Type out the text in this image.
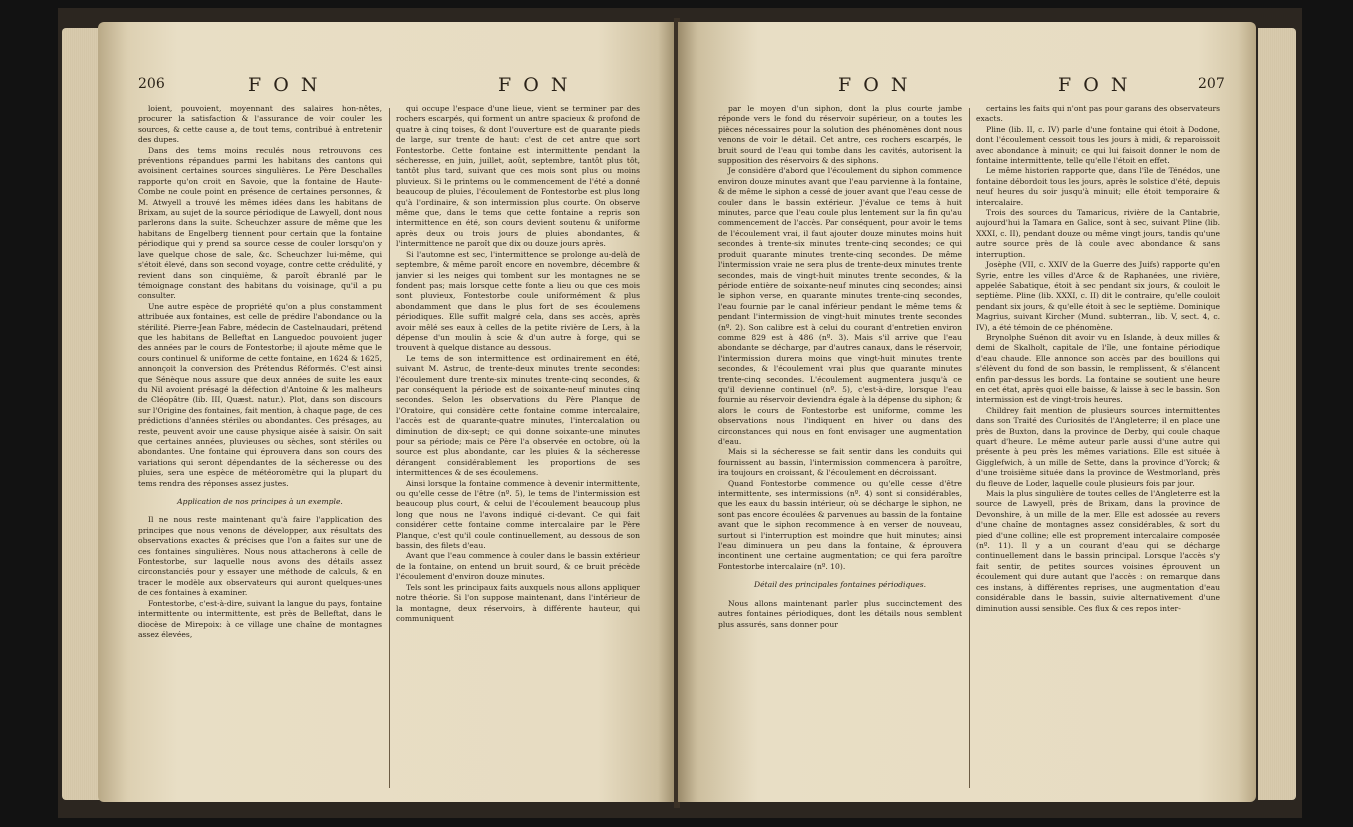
206	F O N	F O N

loient, pouvoient, moyennant des salaires hon-nêtes, procurer la satisfaction & l'assurance de voir couler les sources, & cette cause a, de tout tems, contribué à entretenir des dupes.

Dans des tems moins reculés nous retrouvons ces préventions répandues parmi les habitans des cantons qui avoisinent certaines sources singulières. Le Père Deschalles rapporte qu'on croit en Savoie, que la fontaine de Haute-Combe ne coule point en présence de certaines personnes, & M. Atwyell a trouvé les mêmes idées dans les habitans de Brixam, au sujet de la source périodique de Lawyell, dont nous parlerons dans la suite. Scheuchzer assure de même que les habitans de Engelberg tiennent pour certain que la fontaine périodique qui y prend sa source cesse de couler lorsqu'on y lave quelque chose de sale, &c. Scheuchzer lui-même, qui s'étoit élevé, dans son second voyage, contre cette crédulité, y revient dans son cinquième, & paroît ébranlé par le témoignage constant des habitans du voisinage, qu'il a pu consulter.

Une autre espèce de propriété qu'on a plus constamment attribuée aux fontaines, est celle de prédire l'abondance ou la stérilité. Pierre-Jean Fabre, médecin de Castelnaudari, prétend que les habitans de Belleftat en Languedoc pouvoient juger des années par le cours de Fontestorbe; il ajoute même que le cours continuel & uniforme de cette fontaine, en 1624 & 1625, annonçoit la conversion des Prétendus Réformés. C'est ainsi que Sénèque nous assure que deux années de suite les eaux du Nil avoient présagé la défection d'Antoine & les malheurs de Cléopâtre (lib. III, Quæst. natur.). Plot, dans son discours sur l'Origine des fontaines, fait mention, à chaque page, de ces prédictions d'années stériles ou abondantes. Ces présages, au reste, peuvent avoir une cause physique aisée à saisir. On sait que certaines années, pluvieuses ou sèches, sont stériles ou abondantes. Une fontaine qui éprouvera dans son cours des variations qui seront dépendantes de la sécheresse ou des pluies, sera une espèce de météoromètre qui la plupart du tems rendra des réponses assez justes.

Application de nos principes à un exemple.

Il ne nous reste maintenant qu'à faire l'application des principes que nous venons de développer, aux résultats des observations exactes & précises que l'on a faites sur une de ces fontaines singulières. Nous nous attacherons à celle de Fontestorbe, sur laquelle nous avons des détails assez circonstanciés pour y essayer une méthode de calculs, & en tracer le modèle aux observateurs qui auront quelques-unes de ces fontaines à examiner.

Fontestorbe, c'est-à-dire, suivant la langue du pays, fontaine intermittente ou intermittente, est près de Belleftat, dans le diocèse de Mirepoix: à ce village une chaîne de montagnes assez élevées,

qui occupe l'espace d'une lieue, vient se terminer par des rochers escarpés, qui forment un antre spacieux & profond de quatre à cinq toises, & dont l'ouverture est de quarante pieds de large, sur trente de haut: c'est de cet antre que sort Fontestorbe. Cette fontaine est intermittente pendant la sécheresse, en juin, juillet, août, septembre, tantôt plus tôt, tantôt plus tard, suivant que ces mois sont plus ou moins pluvieux. Si le printems ou le commencement de l'été a donné beaucoup de pluies, l'écoulement de Fontestorbe est plus long qu'à l'ordinaire, & son intermission plus courte. On observe même que, dans le tems que cette fontaine a repris son intermittence en été, son cours devient soutenu & uniforme après deux ou trois jours de pluies abondantes, & l'intermittence ne paroît que dix ou douze jours après.

Si l'automne est sec, l'intermittence se prolonge au-delà de septembre, & même paroît encore en novembre, décembre & janvier si les neiges qui tombent sur les montagnes ne se fondent pas; mais lorsque cette fonte a lieu ou que ces mois sont pluvieux, Fontestorbe coule uniformément & plus abondamment que dans le plus fort de ses écoulemens périodiques. Elle suffit malgré cela, dans ses accès, après avoir mêlé ses eaux à celles de la petite rivière de Lers, à la dépense d'un moulin à scie & d'un autre à forge, qui se trouvent à quelque distance au dessous.

Le tems de son intermittence est ordinairement en été, suivant M. Astruc, de trente-deux minutes trente secondes: l'écoulement dure trente-six minutes trente-cinq secondes, & par conséquent la période est de soixante-neuf minutes cinq secondes. Selon les observations du Père Planque de l'Oratoire, qui considère cette fontaine comme intercalaire, l'accès est de quarante-quatre minutes, l'intercalation ou diminution de dix-sept; ce qui donne soixante-une minutes pour sa période; mais ce Père l'a observée en octobre, où la source est plus abondante, car les pluies & la sécheresse dérangent considérablement les proportions de ses intermittences & de ses écoulemens.

Ainsi lorsque la fontaine commence à devenir intermittente, ou qu'elle cesse de l'être (nº. 5), le tems de l'intermission est beaucoup plus court, & celui de l'écoulement beaucoup plus long que nous ne l'avons indiqué ci-devant. Ce qui fait considérer cette fontaine comme intercalaire par le Père Planque, c'est qu'il coule continuellement, au dessous de son bassin, des filets d'eau.

Avant que l'eau commence à couler dans le bassin extérieur de la fontaine, on entend un bruit sourd, & ce bruit précède l'écoulement d'environ douze minutes.

Tels sont les principaux faits auxquels nous allons appliquer notre théorie. Si l'on suppose maintenant, dans l'intérieur de la montagne, deux réservoirs, à différente hauteur, qui communiquent

F O N	F O N	207

par le moyen d'un siphon, dont la plus courte jambe réponde vers le fond du réservoir supérieur, on a toutes les pièces nécessaires pour la solution des phénomènes dont nous venons de voir le détail. Cet antre, ces rochers escarpés, le bruit sourd de l'eau qui tombe dans les cavités, autorisent la supposition des réservoirs & des siphons.

Je considère d'abord que l'écoulement du siphon commence environ douze minutes avant que l'eau parvienne à la fontaine, & de même le siphon a cessé de jouer avant que l'eau cesse de couler dans le bassin extérieur. J'évalue ce tems à huit minutes, parce que l'eau coule plus lentement sur la fin qu'au commencement de l'accès. Par conséquent, pour avoir le tems de l'écoulement vrai, il faut ajouter douze minutes moins huit secondes à trente-six minutes trente-cinq secondes; ce qui produit quarante minutes trente-cinq secondes. De même l'intermission vraie ne sera plus de trente-deux minutes trente secondes, mais de vingt-huit minutes trente secondes, & la période entière de soixante-neuf minutes cinq secondes; ainsi le siphon verse, en quarante minutes trente-cinq secondes, l'eau fournie par le canal inférieur pendant le même tems & pendant l'intermission de vingt-huit minutes trente secondes (nº. 2). Son calibre est à celui du courant d'entretien environ comme 829 est à 486 (nº. 3). Mais s'il arrive que l'eau abondante se décharge, par d'autres canaux, dans le réservoir, l'intermission durera moins que vingt-huit minutes trente secondes, & l'écoulement vrai plus que quarante minutes trente-cinq secondes. L'écoulement augmentera jusqu'à ce qu'il devienne continuel (nº. 5), c'est-à-dire, lorsque l'eau fournie au réservoir deviendra égale à la dépense du siphon; & alors le cours de Fontestorbe est uniforme, comme les observations nous l'indiquent en hiver ou dans des circonstances qui nous en font envisager une augmentation d'eau.

Mais si la sécheresse se fait sentir dans les conduits qui fournissent au bassin, l'intermission commencera à paroître, ira toujours en croissant, & l'écoulement en décroissant.

Quand Fontestorbe commence ou qu'elle cesse d'être intermittente, ses intermissions (nº. 4) sont si considérables, que les eaux du bassin intérieur, où se décharge le siphon, ne sont pas encore écoulées & parvenues au bassin de la fontaine avant que le siphon recommence à en verser de nouveau, surtout si l'interruption est moindre que huit minutes; ainsi l'eau diminuera un peu dans la fontaine, & éprouvera incontinent une certaine augmentation; ce qui fera paroître Fontestorbe intercalaire (nº. 10).

Détail des principales fontaines périodiques.

Nous allons maintenant parler plus succinctement des autres fontaines périodiques, dont les détails nous semblent plus assurés, sans donner pour

certains les faits qui n'ont pas pour garans des observateurs exacts.

Pline (lib. II, c. IV) parle d'une fontaine qui étoit à Dodone, dont l'écoulement cessoit tous les jours à midi, & reparoissoit avec abondance à minuit; ce qui lui faisoit donner le nom de fontaine intermittente, telle qu'elle l'étoit en effet.

Le même historien rapporte que, dans l'île de Ténédos, une fontaine débordoit tous les jours, après le solstice d'été, depuis neuf heures du soir jusqu'à minuit; elle étoit temporaire & intercalaire.

Trois des sources du Tamaricus, rivière de la Cantabrie, aujourd'hui la Tamara en Galice, sont à sec, suivant Pline (lib. XXXI, c. II), pendant douze ou même vingt jours, tandis qu'une autre source près de là coule avec abondance & sans interruption.

Josèphe (VII, c. XXIV de la Guerre des Juifs) rapporte qu'en Syrie, entre les villes d'Arce & de Raphanées, une rivière, appelée Sabatique, étoit à sec pendant six jours, & couloit le septième. Pline (lib. XXXI, c. II) dit le contraire, qu'elle couloit pendant six jours, & qu'elle étoit à sec le septième. Dominique Magrius, suivant Kircher (Mund. subterran., lib. V, sect. 4, c. IV), a été témoin de ce phénomène.

Brynolphe Suénon dit avoir vu en Islande, à deux milles & demi de Skalholt, capitale de l'île, une fontaine périodique d'eau chaude. Elle annonce son accès par des bouillons qui s'élèvent du fond de son bassin, le remplissent, & s'élancent enfin par-dessus les bords. La fontaine se soutient une heure en cet état, après quoi elle baisse, & laisse à sec le bassin. Son intermission est de vingt-trois heures.

Childrey fait mention de plusieurs sources intermittentes dans son Traité des Curiosités de l'Angleterre; il en place une près de Buxton, dans la province de Derby, qui coule chaque quart d'heure. Le même auteur parle aussi d'une autre qui présente à peu près les mêmes variations. Elle est située à Gigglefwich, à un mille de Sette, dans la province d'Yorck; & d'une troisième située dans la province de Westmorland, près du fleuve de Loder, laquelle coule plusieurs fois par jour.

Mais la plus singulière de toutes celles de l'Angleterre est la source de Lawyell, près de Brixam, dans la province de Devonshire, à un mille de la mer. Elle est adossée au revers d'une chaîne de montagnes assez considérables, & sort du pied d'une colline; elle est proprement intercalaire composée (nº. 11). Il y a un courant d'eau qui se décharge continuellement dans le bassin principal. Lorsque l'accès s'y fait sentir, de petites sources voisines éprouvent un écoulement qui dure autant que l'accès : on remarque dans ces instans, à différentes reprises, une augmentation d'eau considérable dans le bassin, suivie alternativement d'une diminution aussi sensible. Ces flux & ces repos inter-
